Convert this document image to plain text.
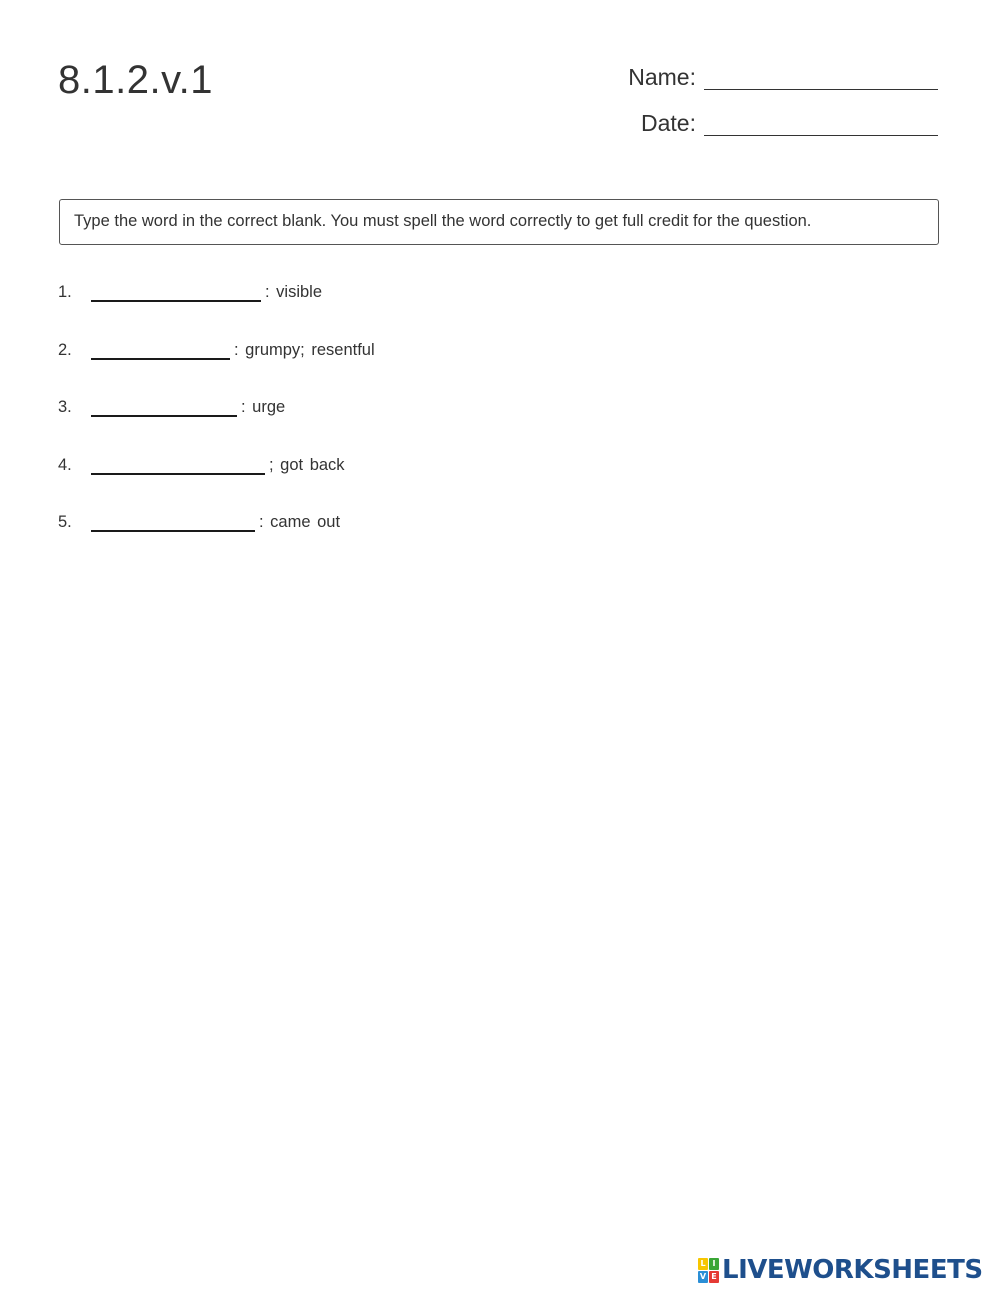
8.1.2.v.1	Name:
Date:
Type the word in the correct blank. You must spell the word correctly to get full credit for the question.
1.	: visible
2.	: grumpy; resentful
3.	: urge
4.	; got back
5.	: came out
L I
V E LIVEWORKSHEETS
